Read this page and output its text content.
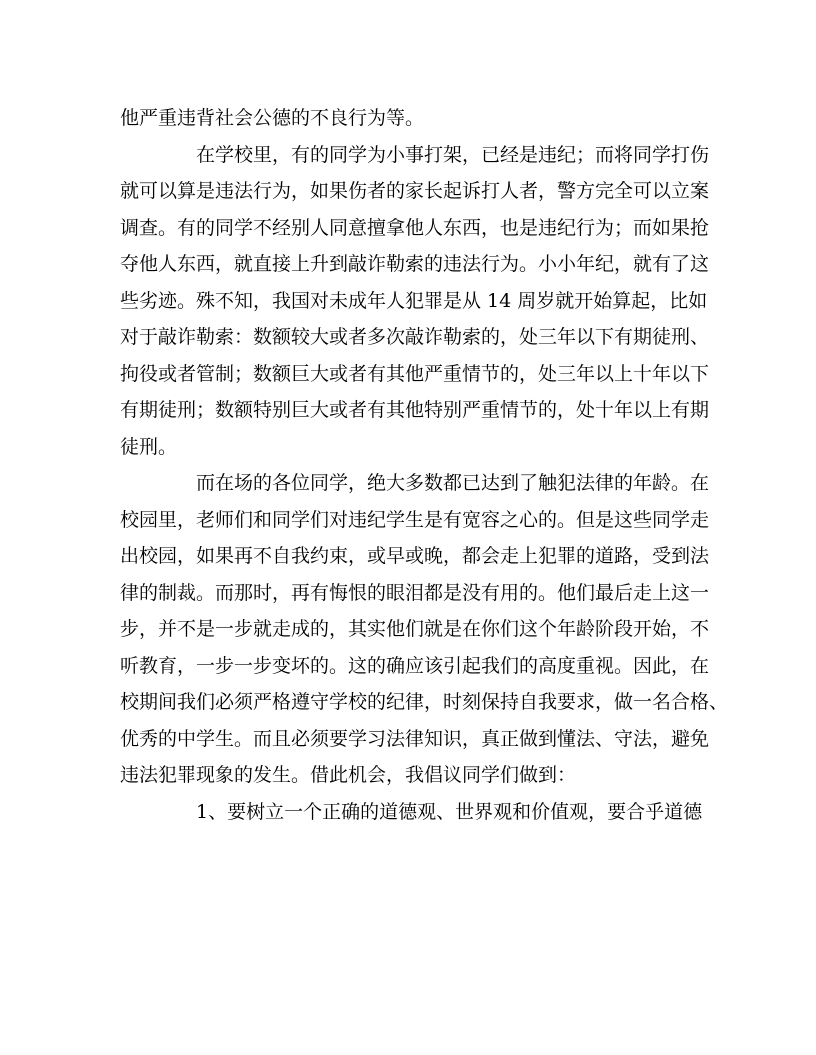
他严重违背社会公德的不良行为等。
在学校里，有的同学为小事打架，已经是违纪；而将同学打伤
就可以算是违法行为，如果伤者的家长起诉打人者，警方完全可以立案
调查。有的同学不经别人同意擅拿他人东西，也是违纪行为；而如果抢
夺他人东西，就直接上升到敲诈勒索的违法行为。小小年纪，就有了这
些劣迹。殊不知，我国对未成年人犯罪是从 14 周岁就开始算起，比如
对于敲诈勒索：数额较大或者多次敲诈勒索的，处三年以下有期徒刑、
拘役或者管制；数额巨大或者有其他严重情节的，处三年以上十年以下
有期徒刑；数额特别巨大或者有其他特别严重情节的，处十年以上有期
徒刑。
而在场的各位同学，绝大多数都已达到了触犯法律的年龄。在
校园里，老师们和同学们对违纪学生是有宽容之心的。但是这些同学走
出校园，如果再不自我约束，或早或晚，都会走上犯罪的道路，受到法
律的制裁。而那时，再有悔恨的眼泪都是没有用的。他们最后走上这一
步，并不是一步就走成的，其实他们就是在你们这个年龄阶段开始，不
听教育，一步一步变坏的。这的确应该引起我们的高度重视。因此，在
校期间我们必须严格遵守学校的纪律，时刻保持自我要求，做一名合格、
优秀的中学生。而且必须要学习法律知识，真正做到懂法、守法，避免
违法犯罪现象的发生。借此机会，我倡议同学们做到：
1、要树立一个正确的道德观、世界观和价值观，要合乎道德
